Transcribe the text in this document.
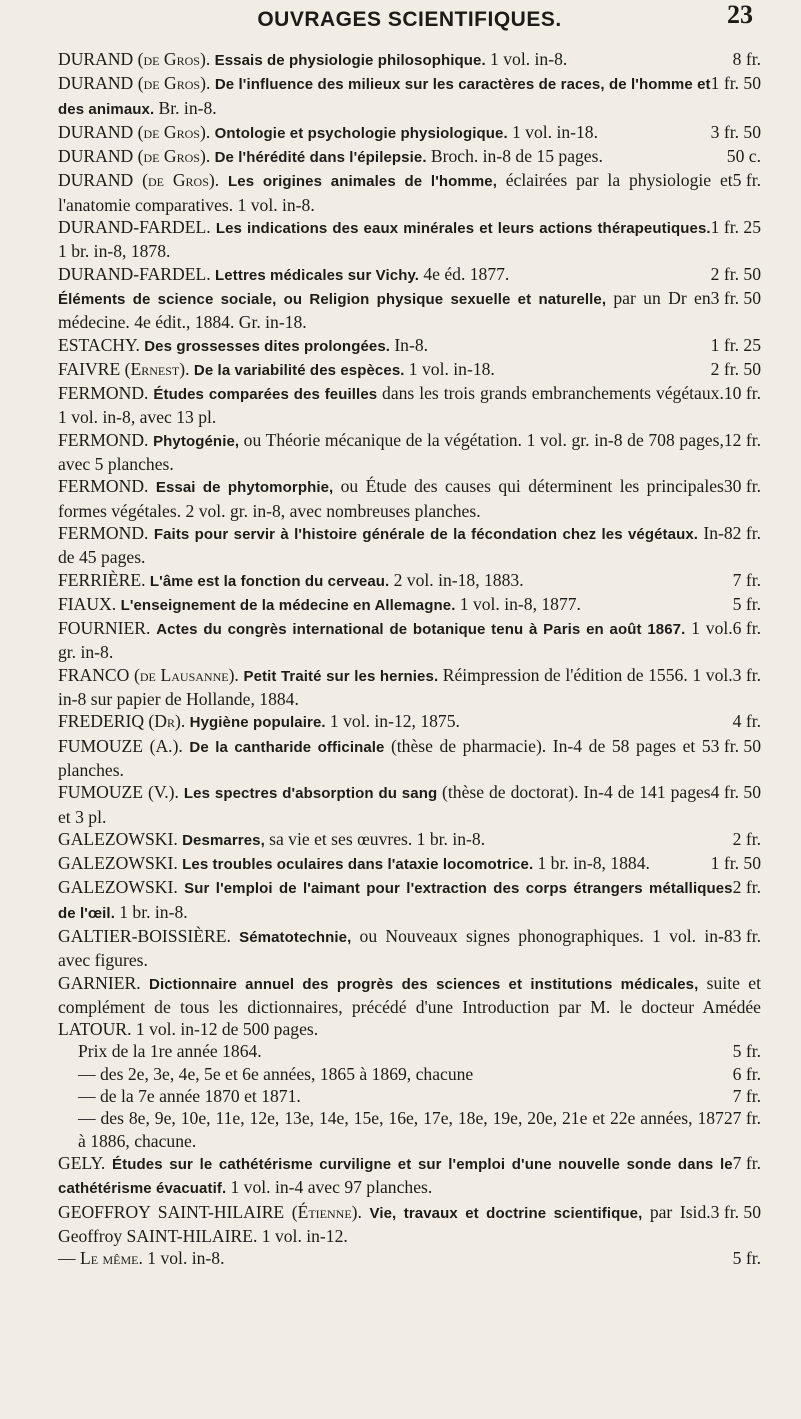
OUVRAGES SCIENTIFIQUES.	23
8 fr.
DURAND (de Gros). Essais de physiologie philosophique. 1 vol. in-8.
1 fr. 50
DURAND (de Gros). De l'influence des milieux sur les caractères de races, de l'homme et des animaux. Br. in-8.
3 fr. 50
DURAND (de Gros). Ontologie et psychologie physiologique. 1 vol. in-18.
50 c.
DURAND (de Gros). De l'hérédité dans l'épilepsie. Broch. in-8 de 15 pages.
5 fr.
DURAND (de Gros). Les origines animales de l'homme, éclairées par la physiologie et l'anatomie comparatives. 1 vol. in-8.
1 fr. 25
DURAND-FARDEL. Les indications des eaux minérales et leurs actions thérapeutiques. 1 br. in-8, 1878.
2 fr. 50
DURAND-FARDEL. Lettres médicales sur Vichy. 4e éd. 1877.
3 fr. 50
Éléments de science sociale, ou Religion physique sexuelle et naturelle, par un Dr en médecine. 4e édit., 1884. Gr. in-18.
1 fr. 25
ESTACHY. Des grossesses dites prolongées. In-8.
2 fr. 50
FAIVRE (Ernest). De la variabilité des espèces. 1 vol. in-18.
10 fr.
FERMOND. Études comparées des feuilles dans les trois grands embranchements végétaux. 1 vol. in-8, avec 13 pl.
12 fr.
FERMOND. Phytogénie, ou Théorie mécanique de la végétation. 1 vol. gr. in-8 de 708 pages, avec 5 planches.
30 fr.
FERMOND. Essai de phytomorphie, ou Étude des causes qui déterminent les principales formes végétales. 2 vol. gr. in-8, avec nombreuses planches.
2 fr.
FERMOND. Faits pour servir à l'histoire générale de la fécondation chez les végétaux. In-8 de 45 pages.
7 fr.
FERRIÈRE. L'âme est la fonction du cerveau. 2 vol. in-18, 1883.
5 fr.
FIAUX. L'enseignement de la médecine en Allemagne. 1 vol. in-8, 1877.
6 fr.
FOURNIER. Actes du congrès international de botanique tenu à Paris en août 1867. 1 vol. gr. in-8.
3 fr.
FRANCO (de Lausanne). Petit Traité sur les hernies. Réimpression de l'édition de 1556. 1 vol. in-8 sur papier de Hollande, 1884.
4 fr.
FREDERIQ (Dr). Hygiène populaire. 1 vol. in-12, 1875.
3 fr. 50
FUMOUZE (A.). De la cantharide officinale (thèse de pharmacie). In-4 de 58 pages et 5 planches.
4 fr. 50
FUMOUZE (V.). Les spectres d'absorption du sang (thèse de doctorat). In-4 de 141 pages et 3 pl.
2 fr.
GALEZOWSKI. Desmarres, sa vie et ses œuvres. 1 br. in-8.
1 fr. 50
GALEZOWSKI. Les troubles oculaires dans l'ataxie locomotrice. 1 br. in-8, 1884.
2 fr.
GALEZOWSKI. Sur l'emploi de l'aimant pour l'extraction des corps étrangers métalliques de l'œil. 1 br. in-8.
3 fr.
GALTIER-BOISSIÈRE. Sématotechnie, ou Nouveaux signes phonographiques. 1 vol. in-8 avec figures.
GARNIER. Dictionnaire annuel des progrès des sciences et institutions médicales, suite et complément de tous les dictionnaires, précédé d'une Introduction par M. le docteur Amédée LATOUR. 1 vol. in-12 de 500 pages.
5 fr.
Prix de la 1re année 1864.
6 fr.
— des 2e, 3e, 4e, 5e et 6e années, 1865 à 1869, chacune
7 fr.
— de la 7e année 1870 et 1871.
7 fr.
— des 8e, 9e, 10e, 11e, 12e, 13e, 14e, 15e, 16e, 17e, 18e, 19e, 20e, 21e et 22e années, 1872 à 1886, chacune.
7 fr.
GELY. Études sur le cathétérisme curviligne et sur l'emploi d'une nouvelle sonde dans le cathétérisme évacuatif. 1 vol. in-4 avec 97 planches.
3 fr. 50
GEOFFROY SAINT-HILAIRE (Étienne). Vie, travaux et doctrine scientifique, par Isid. Geoffroy SAINT-HILAIRE. 1 vol. in-12.
5 fr.
— Le même. 1 vol. in-8.
